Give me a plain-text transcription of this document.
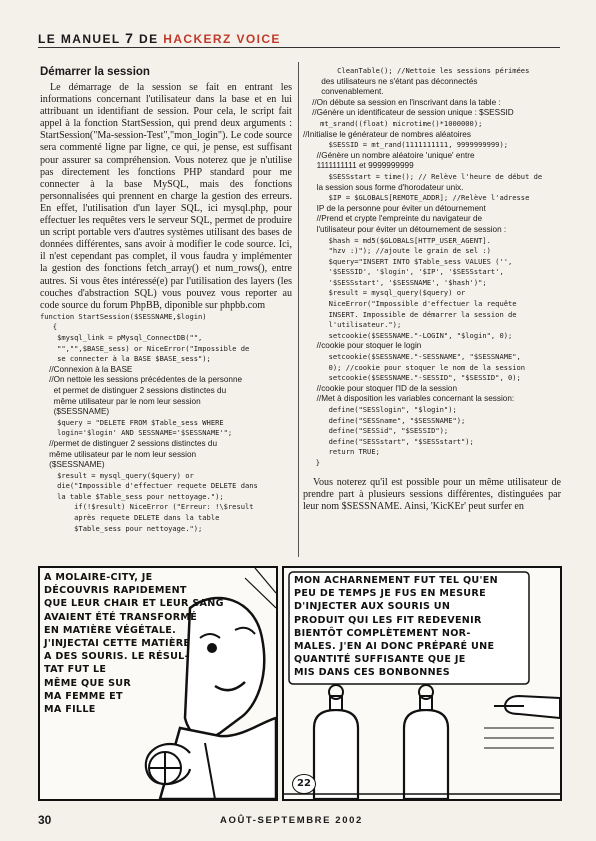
LE MANUEL 7 DE HACKERZ VOICE
Démarrer la session

Le démarrage de la session se fait en entrant les informations concernant l'utilisateur dans la base et en lui attribuant un identifiant de session. Pour cela, le script fait appel à la fonction StartSession, qui prend deux arguments : StartSession("Ma-session-Test","mon_login"). Le code source sera commenté ligne par ligne, ce qui, je pense, est suffisant pour assurer sa compréhension. Vous noterez que je n'utilise pas directement les fonctions PHP standard pour me connecter à la base MySQL, mais des fonctions personnalisées qui prennent en charge la gestion des erreurs. En effet, l'utilisation d'un layer SQL, ici mysql.php, pour effectuer les requêtes vers le serveur SQL, permet de produire un script portable vers d'autres systèmes utilisant des bases de données différentes, sans avoir à modifier le code source. Ici, il n'est cependant pas complet, il vous faudra y implémenter la gestion des fonctions fetch_array() et num_rows(), entre autres. Si vous êtes intéressé(e) par l'utilisation des layers (les couches d'abstraction SQL) vous pouvez vous reporter au code source du forum PhpBB, diponible sur phpbb.com

function StartSession($SESSNAME,$login)

{

$mysql_link = pMysql_ConnectDB("",

"","",$BASE_sess) or NiceError("Impossible de

se connecter à la BASE $BASE_sess");

//Connexion à la BASE

//On nettoie les sessions précédentes de la personne

et permet de distinguer 2 sessions distinctes du

même utilisateur par le nom leur session

($SESSNAME)

$query = "DELETE FROM $Table_sess WHERE

login='$login' AND SESSNAME='$SESSNAME'";

//permet de distinguer 2 sessions distinctes du

même utilisateur par le nom leur session

($SESSNAME)

$result = mysql_query($query) or

die("Impossible d'effectuer requete DELETE dans

la table $Table_sess pour nettoyage.");

if(!$result) NiceError ("Erreur: !\$result

après requete DELETE dans la table

$Table_sess pour nettoyage.");

CleanTable(); //Nettoie les sessions périmées

des utilisateurs ne s'étant pas déconnectés

convenablement.

//On débute sa session en l'inscrivant dans la table :

//Génère un identificateur de session unique : $SESSID

mt_srand((float) microtime()*1000000);

//Initialise le générateur de nombres aléatoires

$SESSID = mt_rand(1111111111, 9999999999);

//Génère un nombre aléatoire 'unique' entre

1111111111 et 9999999999

$SESSstart = time(); // Relève l'heure de début de

la session sous forme d'horodateur unix.

$IP = $GLOBALS[REMOTE_ADDR]; //Relève l'adresse

IP de la personne pour éviter un détournement

//Prend et crypte l'empreinte du navigateur de

l'utilisateur pour éviter un détournement de session :

$hash = md5($GLOBALS[HTTP_USER_AGENT].

"hzv :)"); //ajoute le grain de sel :)

$query="INSERT INTO $Table_sess VALUES ('',

'$SESSID', '$login', '$IP', '$SESSstart',

'$SESSstart', '$SESSNAME', '$hash')";

$result = mysql_query($query) or

NiceError("Impossible d'effectuer la requête

INSERT. Impossible de démarrer la session de

l'utilisateur.");

setcookie($SESSNAME."-LOGIN", "$login", 0);

//cookie pour stoquer le login

setcookie($SESSNAME."-SESSNAME", "$SESSNAME",

0); //cookie pour stoquer le nom de la session

setcookie($SESSNAME."-SESSID", "$SESSID", 0);

//cookie pour stoquer l'ID de la session

//Met à disposition les variables concernant la session:

define("SESSlogin", "$login");

define("SESSname", "$SESSNAME");

define("SESSid", "$SESSID");

define("SESSstart", "$SESSstart");

return TRUE;

}

Vous noterez qu'il est possible pour un même utilisateur de prendre part à plusieurs sessions différentes, distinguées par leur nom $SESSNAME. Ainsi, 'KicKEr' peut surfer en

A MOLAIRE-CITY, JE
DÉCOUVRIS RAPIDEMENT
QUE LEUR CHAIR ET LEUR SANG
AVAIENT ÉTÉ TRANSFORMÉ
EN MATIÈRE VÉGÉTALE.
J'INJECTAI CETTE MATIÈRE
A DES SOURIS. LE RÉSUL-
TAT FUT LE
MÊME QUE SUR
MA FEMME ET
MA FILLE

MON ACHARNEMENT FUT TEL QU'EN
PEU DE TEMPS JE FUS EN MESURE
D'INJECTER AUX SOURIS UN
PRODUIT QUI LES FIT REDEVENIR
BIENTÔT COMPLÈTEMENT NOR-
MALES. J'EN AI DONC PRÉPARÉ UNE
QUANTITÉ SUFFISANTE QUE JE
MIS DANS CES BONBONNES

22
30	AOÛT-SEPTEMBRE 2002
